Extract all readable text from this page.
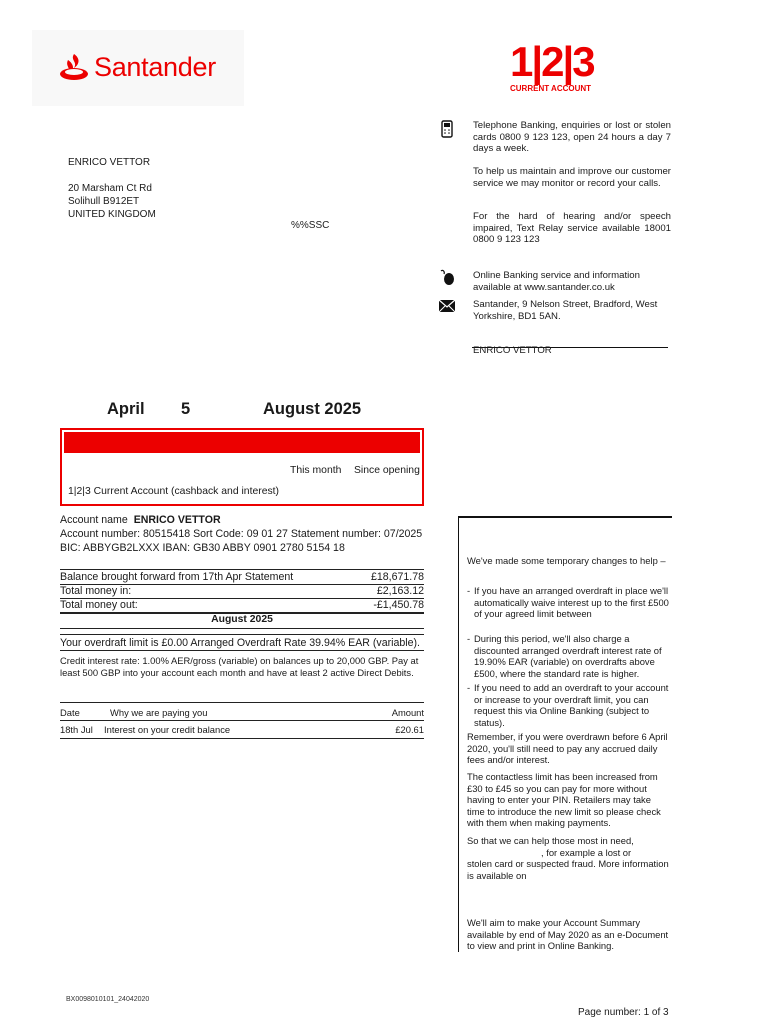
Santander	1|2|3
CURRENT ACCOUNT
ENRICO VETTOR
20 Marsham Ct Rd
Solihull B912ET
UNITED KINGDOM
%%SSC
Telephone Banking, enquiries or lost or stolen cards 0800 9 123 123, open 24 hours a day 7 days a week.
To help us maintain and improve our customer service we may monitor or record your calls.
For the hard of hearing and/or speech impaired, Text Relay service available 18001 0800 9 123 123
Online Banking service and information available at www.santander.co.uk
Santander, 9 Nelson Street, Bradford, West Yorkshire, BD1 5AN.
ENRICO VETTOR
April 5	August 2025
This month Since opening
1|2|3 Current Account (cashback and interest)
Account name ENRICO VETTOR
Account number: 80515418 Sort Code: 09 01 27 Statement number: 07/2025
BIC: ABBYGB2LXXX IBAN: GB30 ABBY 0901 2780 5154 18
Balance brought forward from 17th Apr Statement	£18,671.78
Total money in:	£2,163.12
Total money out:	-£1,450.78
August 2025
Your overdraft limit is £0.00 Arranged Overdraft Rate 39.94% EAR (variable).
Credit interest rate: 1.00% AER/gross (variable) on balances up to 20,000 GBP. Pay at least 500 GBP into your account each month and have at least 2 active Direct Debits.
Date	Why we are paying you	Amount
18th Jul Interest on your credit balance	£20.61
We've made some temporary changes to help –
- If you have an arranged overdraft in place we'll automatically waive interest up to the first £500 of your agreed limit between
- During this period, we'll also charge a discounted arranged overdraft interest rate of 19.90% EAR (variable) on overdrafts above £500, where the standard rate is higher.
- If you need to add an overdraft to your account or increase to your overdraft limit, you can request this via Online Banking (subject to status).
Remember, if you were overdrawn before 6 April 2020, you'll still need to pay any accrued daily fees and/or interest.
The contactless limit has been increased from £30 to £45 so you can pay for more without having to enter your PIN. Retailers may take time to introduce the new limit so please check with them when making payments.
So that we can help those most in need,
, for example a lost or
stolen card or suspected fraud. More information is available on
We'll aim to make your Account Summary available by end of May 2020 as an e-Document to view and print in Online Banking.
BX0098010101_24042020
Page number: 1 of 3
